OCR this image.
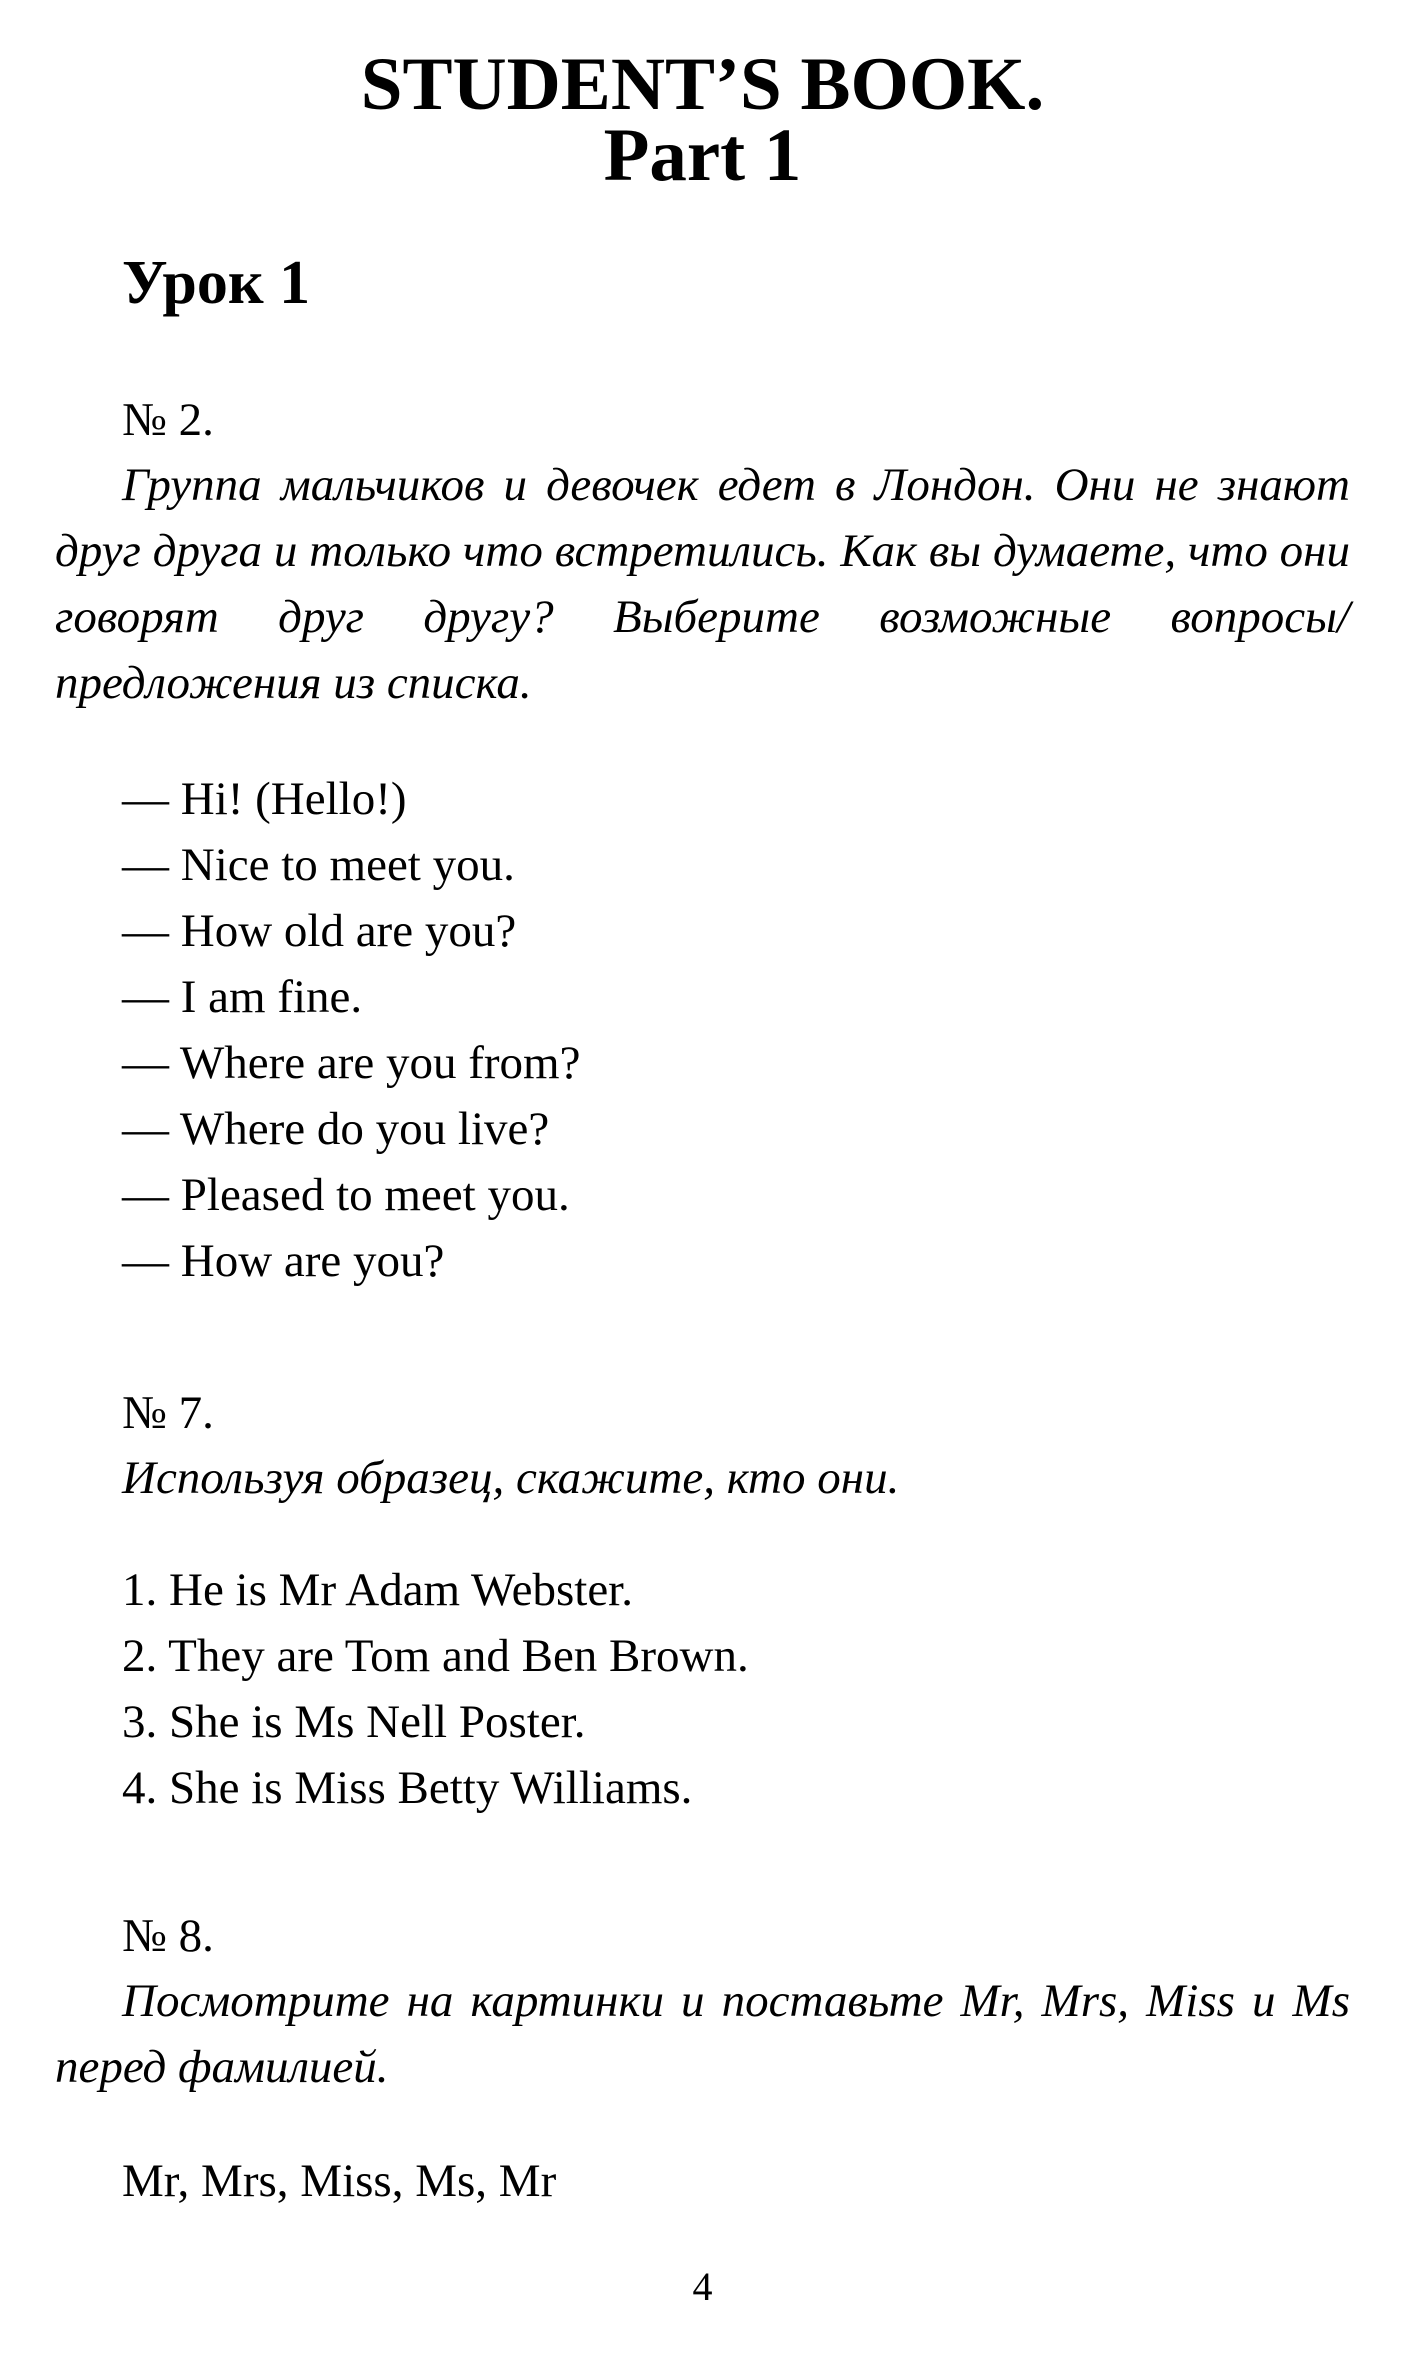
STUDENT’S BOOK.
Part 1
Урок 1

№ 2.

Группа мальчиков и девочек едет в Лондон. Они не знают друг друга и только что встретились. Как вы думаете, что они говорят друг другу? Выберите возможные вопросы/предложения из списка.

— Hi! (Hello!)
— Nice to meet you.
— How old are you?
— I am fine.
— Where are you from?
— Where do you live?
— Pleased to meet you.
— How are you?

№ 7.

Используя образец, скажите, кто они.

1. He is Mr Adam Webster.
2. They are Tom and Ben Brown.
3. She is Ms Nell Poster.
4. She is Miss Betty Williams.

№ 8.

Посмотрите на картинки и поставьте Mr, Mrs, Miss и Ms перед фамилией.

Mr, Mrs, Miss, Ms, Mr
4
